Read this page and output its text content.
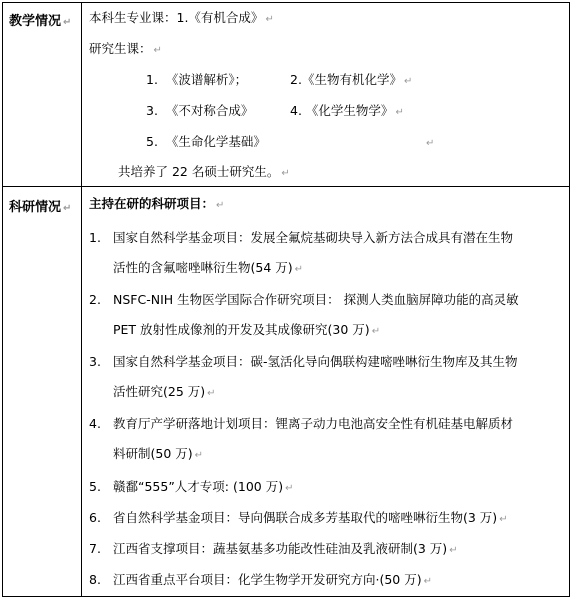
教学情况 ↵ 本科生专业课：1.《有机合成》 ↵
研究生课： ↵
1. 《波谱解析》；	2.《生物有机化学》 ↵
3. 《不对称合成》	4. 《化学生物学》 ↵
5. 《生命化学基础》	↵
共培养了 22 名硕士研究生。 ↵
科研情况 ↵ 主持在研的科研项目： ↵
1. 国家自然科学基金项目：发展全氟烷基砌块导入新方法合成具有潜在生物
活性的含氟嘧唑啉衍生物(54 万) ↵
2. NSFC-NIH 生物医学国际合作研究项目： 探测人类血脑屏障功能的高灵敏
PET 放射性成像剂的开发及其成像研究(30 万) ↵
3. 国家自然科学基金项目：碳-氢活化导向偶联构建嘧唑啉衍生物库及其生物
活性研究(25 万) ↵
4. 教育厅产学研落地计划项目：锂离子动力电池高安全性有机硅基电解质材
料研制(50 万) ↵
5. 赣鄱“555”人才专项: (100 万) ↵
6. 省自然科学基金项目：导向偶联合成多芳基取代的嘧唑啉衍生物(3 万) ↵
7. 江西省支撑项目：蔬基氨基多功能改性硅油及乳液研制(3 万) ↵
8. 江西省重点平台项目：化学生物学开发研究方向·(50 万) ↵
